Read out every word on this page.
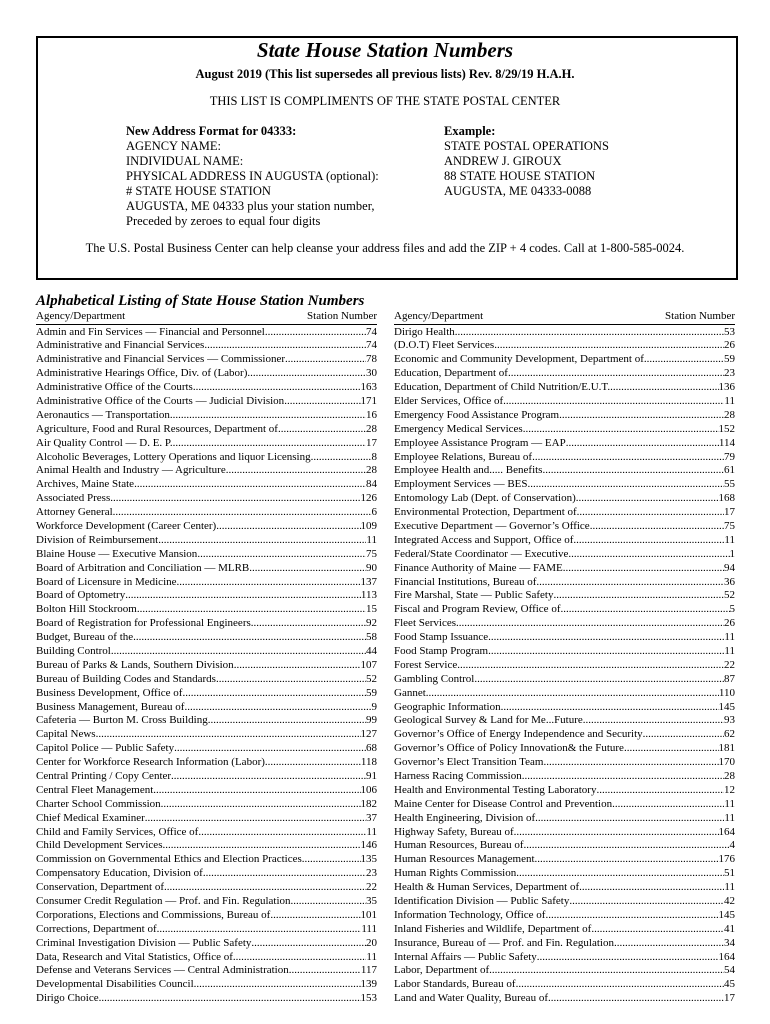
State House Station Numbers
August 2019 (This list supersedes all previous lists) Rev. 8/29/19 H.A.H.
THIS LIST IS COMPLIMENTS OF THE STATE POSTAL CENTER
New Address Format for 04333:
AGENCY NAME:
INDIVIDUAL NAME:
PHYSICAL ADDRESS IN AUGUSTA (optional):
# STATE HOUSE STATION
AUGUSTA, ME 04333 plus your station number,
Preceded by zeroes to equal four digits
Example:
STATE POSTAL OPERATIONS
ANDREW J. GIROUX
88 STATE HOUSE STATION
AUGUSTA, ME 04333-0088
The U.S. Postal Business Center can help cleanse your address files and add the ZIP + 4 codes. Call at 1-800-585-0024.
Alphabetical Listing of State House Station Numbers
Agency/Department	Station Number
Admin and Fin Services — Financial and Personnel .....	74
Administrative and Financial Services .....	74
Administrative and Financial Services — Commissioner .....	78
Administrative Hearings Office, Div. of (Labor) .....	30
Administrative Office of the Courts .....	163
Administrative Office of the Courts — Judicial Division .....	171
Aeronautics — Transportation .....	16
Agriculture, Food and Rural Resources, Department of .....	28
Air Quality Control — D. E. P. .....	17
Alcoholic Beverages, Lottery Operations and liquor Licensing .....	8
Animal Health and Industry — Agriculture .....	28
Archives, Maine State .....	84
Associated Press .....	126
Attorney General .....	6
Workforce Development (Career Center) .....	109
Division of Reimbursement .....	11
Blaine House — Executive Mansion .....	75
Board of Arbitration and Conciliation — MLRB .....	90
Board of Licensure in Medicine .....	137
Board of Optometry .....	113
Bolton Hill Stockroom .....	15
Board of Registration for Professional Engineers .....	92
Budget, Bureau of the .....	58
Building Control .....	44
Bureau of Parks & Lands, Southern Division .....	107
Bureau of Building Codes and Standards .....	52
Business Development, Office of .....	59
Business Management, Bureau of .....	9
Cafeteria — Burton M. Cross Building .....	99
Capital News .....	127
Capitol Police — Public Safety .....	68
Center for Workforce Research Information (Labor) .....	118
Central Printing / Copy Center .....	91
Central Fleet Management .....	106
Charter School Commission .....	182
Chief Medical Examiner .....	37
Child and Family Services, Office of .....	11
Child Development Services .....	146
Commission on Governmental Ethics and Election Practices .....	135
Compensatory Education, Division of .....	23
Conservation, Department of .....	22
Consumer Credit Regulation — Prof. and Fin. Regulation .....	35
Corporations, Elections and Commissions, Bureau of .....	101
Corrections, Department of .....	111
Criminal Investigation Division — Public Safety .....	20
Data, Research and Vital Statistics, Office of .....	11
Defense and Veterans Services — Central Administration .....	117
Developmental Disabilities Council .....	139
Dirigo Choice .....	153
Agency/Department	Station Number
Dirigo Health .....	53
(D.O.T) Fleet Services .....	26
Economic and Community Development, Department of .....	59
Education, Department of .....	23
Education, Department of Child Nutrition/E.U.T. .....	136
Elder Services, Office of .....	11
Emergency Food Assistance Program .....	28
Emergency Medical Services .....	152
Employee Assistance Program — EAP .....	114
Employee Relations, Bureau of .....	79
Employee Health and..... Benefits .....	61
Employment Services — BES .....	55
Entomology Lab (Dept. of Conservation) .....	168
Environmental Protection, Department of .....	17
Executive Department — Governor’s Office .....	75
Integrated Access and Support, Office of .....	11
Federal/State Coordinator — Executive .....	1
Finance Authority of Maine — FAME .....	94
Financial Institutions, Bureau of .....	36
Fire Marshal, State — Public Safety .....	52
Fiscal and Program Review, Office of .....	5
Fleet Services .....	26
Food Stamp Issuance .....	11
Food Stamp Program .....	11
Forest Service .....	22
Gambling Control .....	87
Gannet .....	110
Geographic Information .....	145
Geological Survey & Land for Me...Future .....	93
Governor’s Office of Energy Independence and Security .....	62
Governor’s Office of Policy Innovation& the Future .....	181
Governor’s Elect Transition Team .....	170
Harness Racing Commission .....	28
Health and Environmental Testing Laboratory .....	12
Maine Center for Disease Control and Prevention .....	11
Health Engineering, Division of .....	11
Highway Safety, Bureau of .....	164
Human Resources, Bureau of .....	4
Human Resources Management .....	176
Human Rights Commission .....	51
Health & Human Services, Department of .....	11
Identification Division — Public Safety .....	42
Information Technology, Office of .....	145
Inland Fisheries and Wildlife, Department of .....	41
Insurance, Bureau of — Prof. and Fin. Regulation .....	34
Internal Affairs — Public Safety .....	164
Labor, Department of .....	54
Labor Standards, Bureau of .....	45
Land and Water Quality, Bureau of .....	17
